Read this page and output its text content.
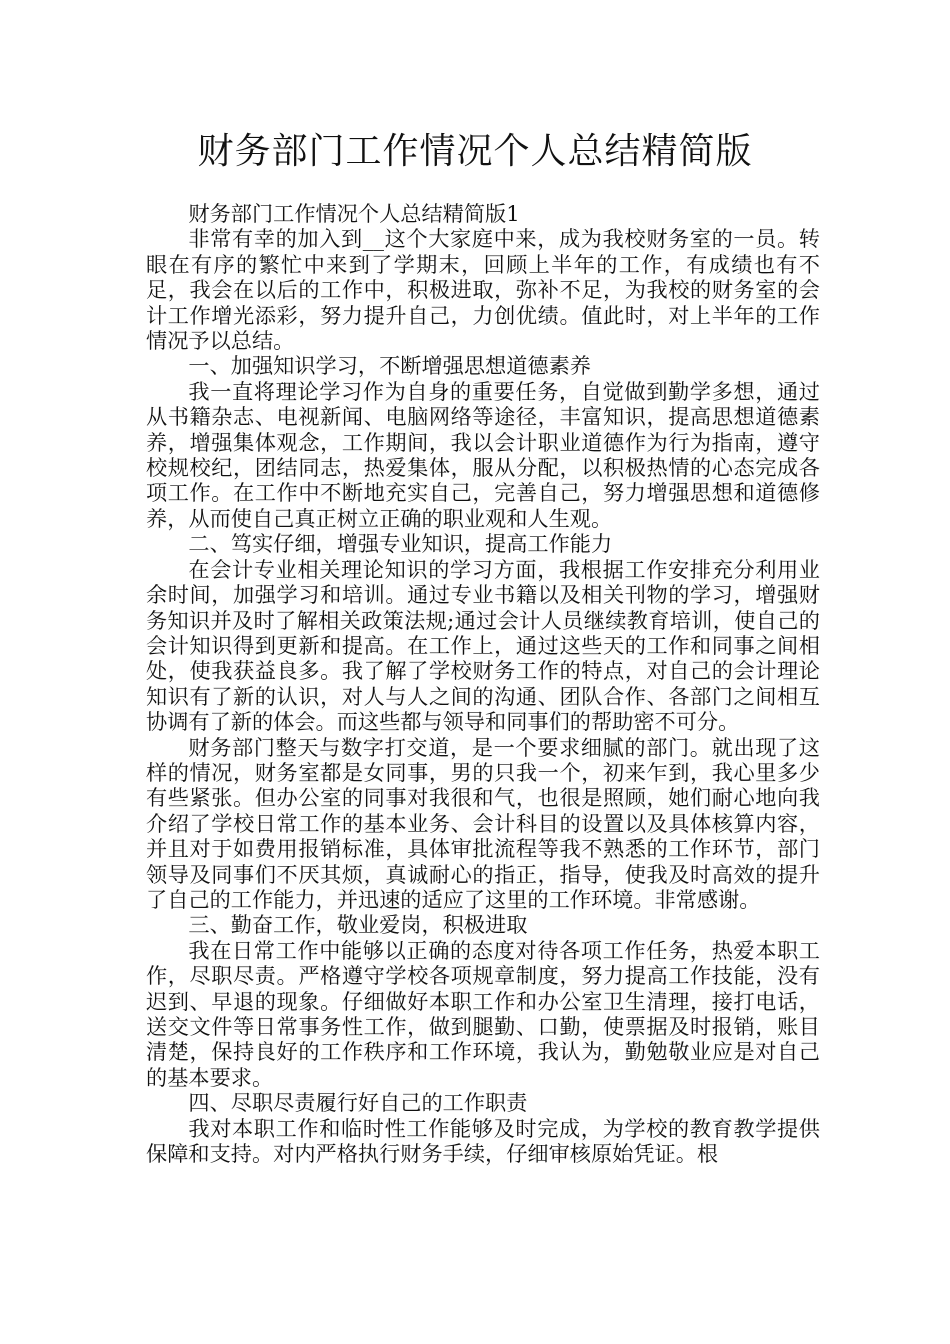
财务部门工作情况个人总结精简版

财务部门工作情况个人总结精简版1

非常有幸的加入到__这个大家庭中来，成为我校财务室的一员。转眼在有序的繁忙中来到了学期末，回顾上半年的工作，有成绩也有不足，我会在以后的工作中，积极进取，弥补不足，为我校的财务室的会计工作增光添彩，努力提升自己，力创优绩。值此时，对上半年的工作情况予以总结。

一、加强知识学习，不断增强思想道德素养

我一直将理论学习作为自身的重要任务，自觉做到勤学多想，通过从书籍杂志、电视新闻、电脑网络等途径，丰富知识，提高思想道德素养，增强集体观念，工作期间，我以会计职业道德作为行为指南，遵守校规校纪，团结同志，热爱集体，服从分配，以积极热情的心态完成各项工作。在工作中不断地充实自己，完善自己，努力增强思想和道德修养，从而使自己真正树立正确的职业观和人生观。

二、笃实仔细，增强专业知识，提高工作能力

在会计专业相关理论知识的学习方面，我根据工作安排充分利用业余时间，加强学习和培训。通过专业书籍以及相关刊物的学习，增强财务知识并及时了解相关政策法规;通过会计人员继续教育培训，使自己的会计知识得到更新和提高。在工作上，通过这些天的工作和同事之间相处，使我获益良多。我了解了学校财务工作的特点，对自己的会计理论知识有了新的认识，对人与人之间的沟通、团队合作、各部门之间相互协调有了新的体会。而这些都与领导和同事们的帮助密不可分。

财务部门整天与数字打交道，是一个要求细腻的部门。就出现了这样的情况，财务室都是女同事，男的只我一个，初来乍到，我心里多少有些紧张。但办公室的同事对我很和气，也很是照顾，她们耐心地向我介绍了学校日常工作的基本业务、会计科目的设置以及具体核算内容，并且对于如费用报销标准，具体审批流程等我不熟悉的工作环节，部门领导及同事们不厌其烦，真诚耐心的指正，指导，使我及时高效的提升了自己的工作能力，并迅速的适应了这里的工作环境。非常感谢。

三、勤奋工作，敬业爱岗，积极进取

我在日常工作中能够以正确的态度对待各项工作任务，热爱本职工作，尽职尽责。严格遵守学校各项规章制度，努力提高工作技能，没有迟到、早退的现象。仔细做好本职工作和办公室卫生清理，接打电话，送交文件等日常事务性工作，做到腿勤、口勤，使票据及时报销，账目清楚，保持良好的工作秩序和工作环境，我认为，勤勉敬业应是对自己的基本要求。

四、尽职尽责履行好自己的工作职责

我对本职工作和临时性工作能够及时完成，为学校的教育教学提供保障和支持。对内严格执行财务手续，仔细审核原始凭证。根
